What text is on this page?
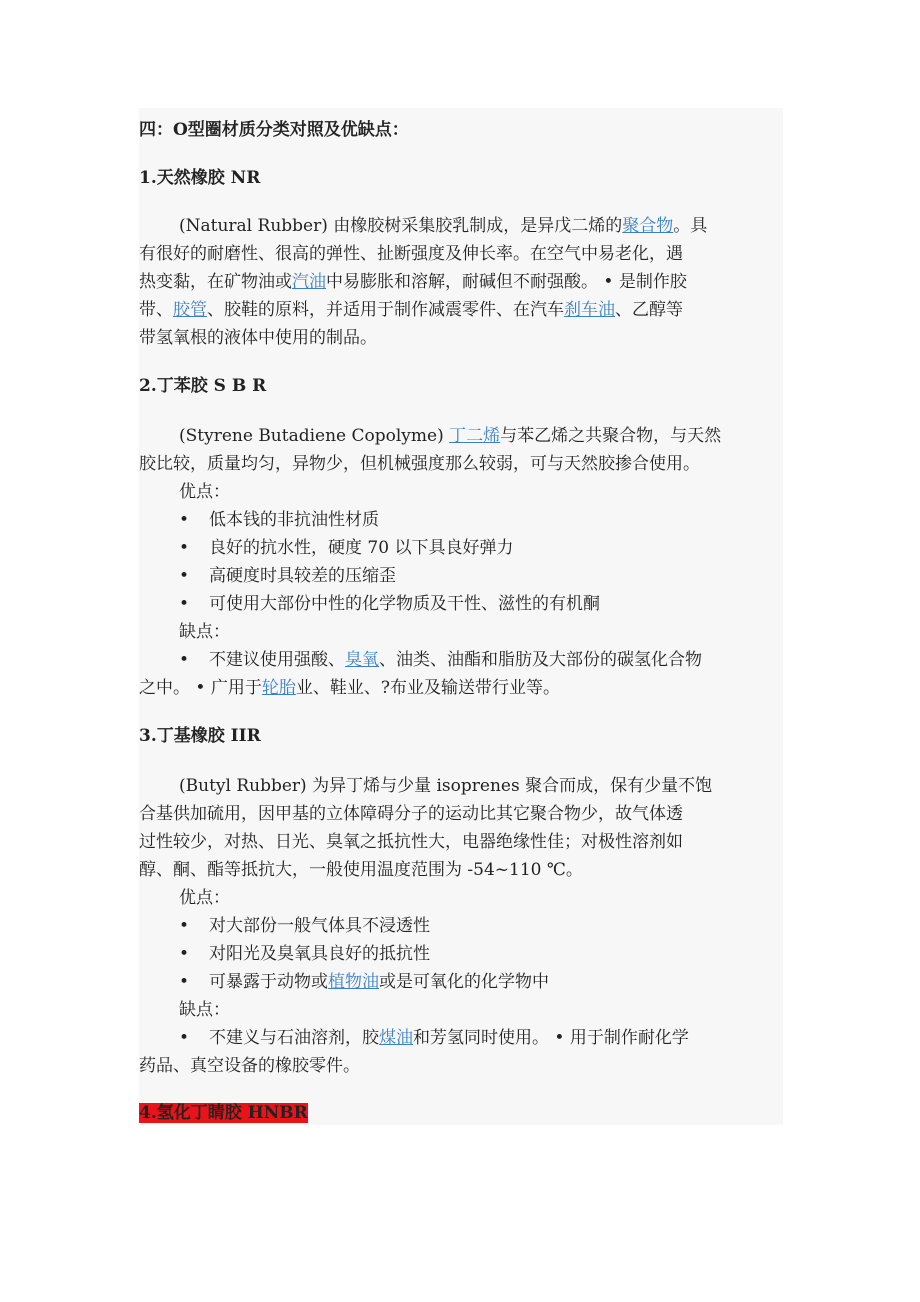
四：O型圈材质分类对照及优缺点：
1.天然橡胶 NR
(Natural Rubber) 由橡胶树采集胶乳制成，是异戊二烯的聚合物。具
有很好的耐磨性、很高的弹性、扯断强度及伸长率。在空气中易老化，遇
热变黏，在矿物油或汽油中易膨胀和溶解，耐碱但不耐强酸。 • 是制作胶
带、胶管、胶鞋的原料，并适用于制作减震零件、在汽车刹车油、乙醇等
带氢氧根的液体中使用的制品。
2.丁苯胶 S B R
(Styrene Butadiene Copolyme) 丁二烯与苯乙烯之共聚合物，与天然
胶比较，质量均匀，异物少，但机械强度那么较弱，可与天然胶掺合使用。
优点：
• 低本钱的非抗油性材质
• 良好的抗水性，硬度 70 以下具良好弹力
• 高硬度时具较差的压缩歪
• 可使用大部份中性的化学物质及干性、滋性的有机酮
缺点：
• 不建议使用强酸、臭氧、油类、油酯和脂肪及大部份的碳氢化合物
之中。 • 广用于轮胎业、鞋业、?布业及输送带行业等。
3.丁基橡胶 IIR
(Butyl Rubber) 为异丁烯与少量 isoprenes 聚合而成，保有少量不饱
合基供加硫用，因甲基的立体障碍分子的运动比其它聚合物少，故气体透
过性较少，对热、日光、臭氧之抵抗性大，电器绝缘性佳；对极性溶剂如
醇、酮、酯等抵抗大，一般使用温度范围为 -54~110 ℃。
优点：
• 对大部份一般气体具不浸透性
• 对阳光及臭氧具良好的抵抗性
• 可暴露于动物或植物油或是可氧化的化学物中
缺点：
• 不建义与石油溶剂，胶煤油和芳氢同时使用。 • 用于制作耐化学
药品、真空设备的橡胶零件。
4.氢化丁睛胶 HNBR
